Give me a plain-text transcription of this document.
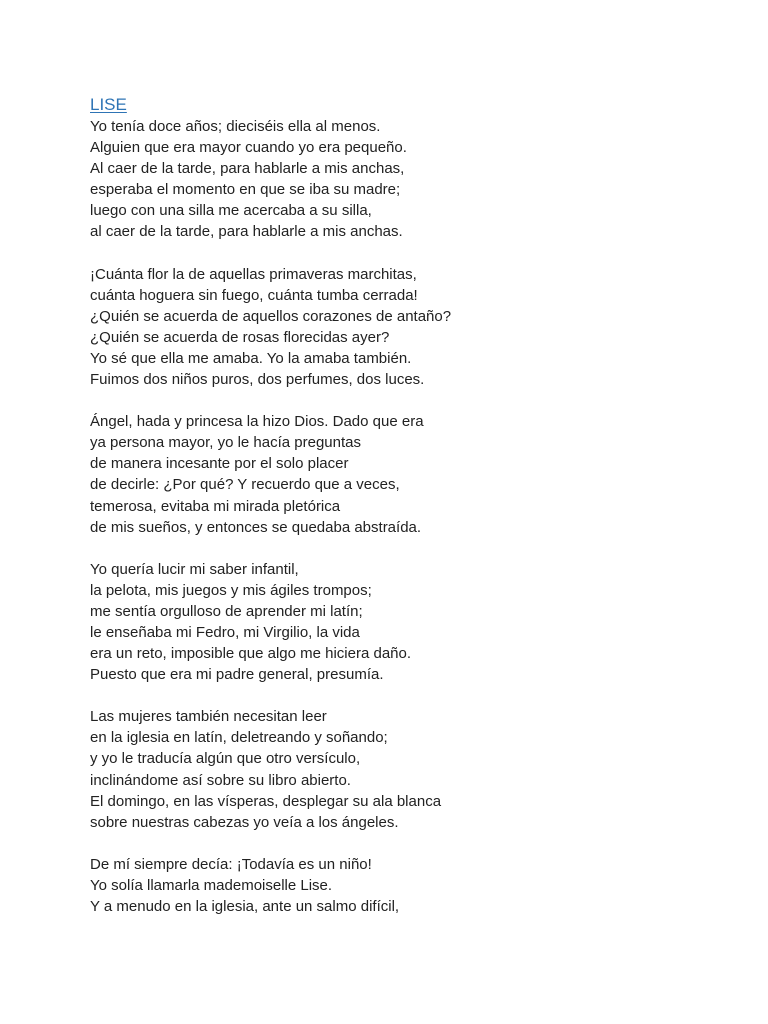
LISE
Yo tenía doce años; dieciséis ella al menos.
Alguien que era mayor cuando yo era pequeño.
Al caer de la tarde, para hablarle a mis anchas,
esperaba el momento en que se iba su madre;
luego con una silla me acercaba a su silla,
al caer de la tarde, para hablarle a mis anchas.
¡Cuánta flor la de aquellas primaveras marchitas,
cuánta hoguera sin fuego, cuánta tumba cerrada!
¿Quién se acuerda de aquellos corazones de antaño?
¿Quién se acuerda de rosas florecidas ayer?
Yo sé que ella me amaba. Yo la amaba también.
Fuimos dos niños puros, dos perfumes, dos luces.
Ángel, hada y princesa la hizo Dios. Dado que era
ya persona mayor, yo le hacía preguntas
de manera incesante por el solo placer
de decirle: ¿Por qué? Y recuerdo que a veces,
temerosa, evitaba mi mirada pletórica
de mis sueños, y entonces se quedaba abstraída.
Yo quería lucir mi saber infantil,
la pelota, mis juegos y mis ágiles trompos;
me sentía orgulloso de aprender mi latín;
le enseñaba mi Fedro, mi Virgilio, la vida
era un reto, imposible que algo me hiciera daño.
Puesto que era mi padre general, presumía.
Las mujeres también necesitan leer
en la iglesia en latín, deletreando y soñando;
y yo le traducía algún que otro versículo,
inclinándome así sobre su libro abierto.
El domingo, en las vísperas, desplegar su ala blanca
sobre nuestras cabezas yo veía a los ángeles.
De mí siempre decía: ¡Todavía es un niño!
Yo solía llamarla mademoiselle Lise.
Y a menudo en la iglesia, ante un salmo difícil,
